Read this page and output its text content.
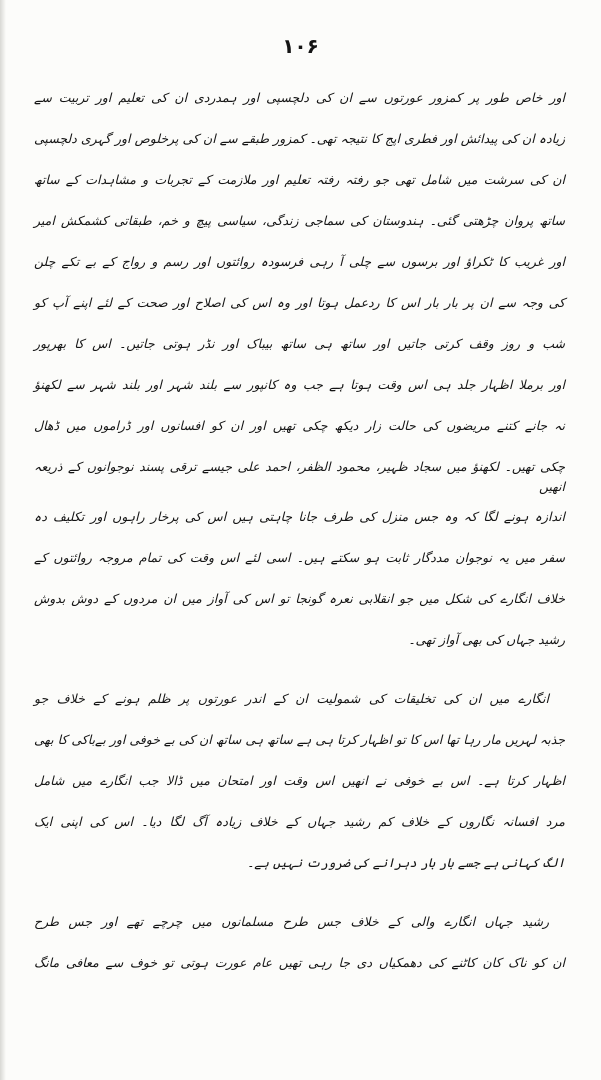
۱۰۶
اور خاص طور پر کمزور عورتوں سے ان کی دلچسپی اور ہمدردی ان کی تعلیم اور تربیت سے
زیادہ ان کی پیدائش اور فطری اپج کا نتیجہ تھی۔ کمزور طبقے سے ان کی پرخلوص اور گہری دلچسپی
ان کی سرشت میں شامل تھی جو رفتہ رفتہ تعلیم اور ملازمت کے تجربات و مشاہدات کے ساتھ
ساتھ پروان چڑھتی گئی۔ ہندوستان کی سماجی زندگی، سیاسی پیچ و خم، طبقاتی کشمکش امیر
اور غریب کا ٹکراؤ اور برسوں سے چلی آ رہی فرسودہ روائتوں اور رسم و رواج کے بے تکے چلن
کی وجہ سے ان پر بار بار اس کا ردعمل ہوتا اور وہ اس کی اصلاح اور صحت کے لئے اپنے آپ کو
شب و روز وقف کرتی جاتیں اور ساتھ ہی ساتھ بیباک اور نڈر ہوتی جاتیں۔ اس کا بھرپور
اور برملا اظہار جلد ہی اس وقت ہوتا ہے جب وہ کانپور سے بلند شہر اور بلند شہر سے لکھنؤ
نہ جانے کتنے مریضوں کی حالت زار دیکھ چکی تھیں اور ان کو افسانوں اور ڈراموں میں ڈھال
چکی تھیں۔ لکھنؤ میں سجاد ظہیر، محمود الظفر، احمد علی جیسے ترقی پسند نوجوانوں کے ذریعہ انھیں
اندازہ ہونے لگا کہ وہ جس منزل کی طرف جانا چاہتی ہیں اس کی پرخار راہوں اور تکلیف دہ
سفر میں یہ نوجوان مددگار ثابت ہو سکتے ہیں۔ اسی لئے اس وقت کی تمام مروجہ روائتوں کے
خلاف انگارے کی شکل میں جو انقلابی نعرہ گونجا تو اس کی آواز میں ان مردوں کے دوش بدوش
رشید جہاں کی بھی آواز تھی۔
انگارے میں ان کی تخلیقات کی شمولیت ان کے اندر عورتوں پر ظلم ہونے کے خلاف جو
جذبہ لہریں مار رہا تھا اس کا تو اظہار کرتا ہی ہے ساتھ ہی ساتھ ان کی بے خوفی اور بےباکی کا بھی
اظہار کرتا ہے۔ اس بے خوفی نے انھیں اس وقت اور امتحان میں ڈالا جب انگارے میں شامل
مرد افسانہ نگاروں کے خلاف کم رشید جہاں کے خلاف زیادہ آگ لگا دیا۔ اس کی اپنی ایک
الگ کہانی ہے جسے بار بار دہرانے کی ضرورت نہیں ہے۔
رشید جہاں انگارے والی کے خلاف جس طرح مسلمانوں میں چرچے تھے اور جس طرح
ان کو ناک کان کاٹنے کی دھمکیاں دی جا رہی تھیں عام عورت ہوتی تو خوف سے معافی مانگ
